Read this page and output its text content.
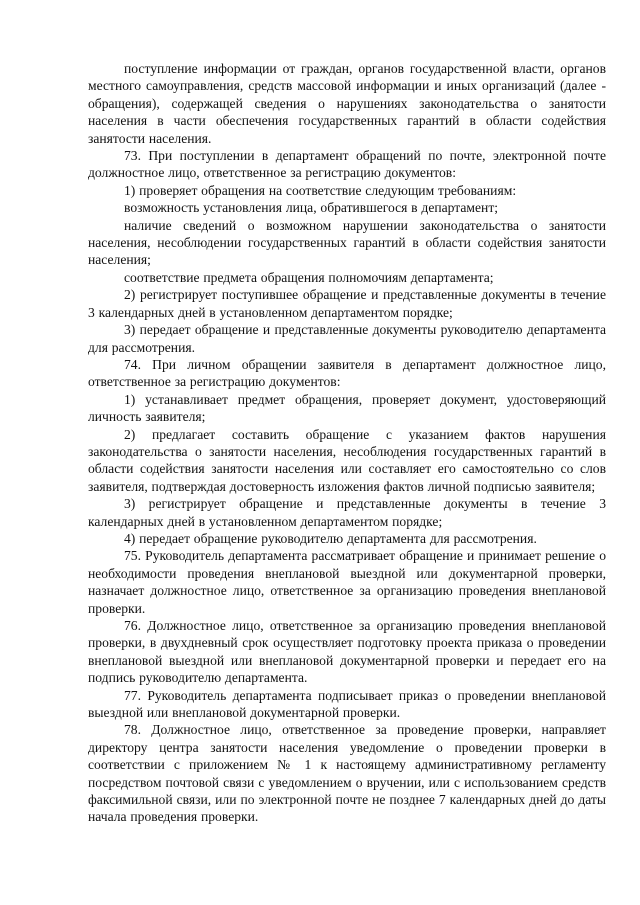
поступление информации от граждан, органов государственной власти, органов местного самоуправления, средств массовой информации и иных организаций (далее - обращения), содержащей сведения о нарушениях законодательства о занятости населения в части обеспечения государственных гарантий в области содействия занятости населения.

73. При поступлении в департамент обращений по почте, электронной почте должностное лицо, ответственное за регистрацию документов:

1) проверяет обращения на соответствие следующим требованиям:

возможность установления лица, обратившегося в департамент;

наличие сведений о возможном нарушении законодательства о занятости населения, несоблюдении государственных гарантий в области содействия занятости населения;

соответствие предмета обращения полномочиям департамента;

2) регистрирует поступившее обращение и представленные документы в течение 3 календарных дней в установленном департаментом порядке;

3) передает обращение и представленные документы руководителю департамента для рассмотрения.

74. При личном обращении заявителя в департамент должностное лицо, ответственное за регистрацию документов:

1) устанавливает предмет обращения, проверяет документ, удостоверяющий личность заявителя;

2) предлагает составить обращение с указанием фактов нарушения законодательства о занятости населения, несоблюдения государственных гарантий в области содействия занятости населения или составляет его самостоятельно со слов заявителя, подтверждая достоверность изложения фактов личной подписью заявителя;

3) регистрирует обращение и представленные документы в течение 3 календарных дней в установленном департаментом порядке;

4) передает обращение руководителю департамента для рассмотрения.

75. Руководитель департамента рассматривает обращение и принимает решение о необходимости проведения внеплановой выездной или документарной проверки, назначает должностное лицо, ответственное за организацию проведения внеплановой проверки.

76. Должностное лицо, ответственное за организацию проведения внеплановой проверки, в двухдневный срок осуществляет подготовку проекта приказа о проведении внеплановой выездной или внеплановой документарной проверки и передает его на подпись руководителю департамента.

77. Руководитель департамента подписывает приказ о проведении внеплановой выездной или внеплановой документарной проверки.

78. Должностное лицо, ответственное за проведение проверки, направляет директору центра занятости населения уведомление о проведении проверки в соответствии с приложением № 1 к настоящему административному регламенту посредством почтовой связи с уведомлением о вручении, или с использованием средств факсимильной связи, или по электронной почте не позднее 7 календарных дней до даты начала проведения проверки.
